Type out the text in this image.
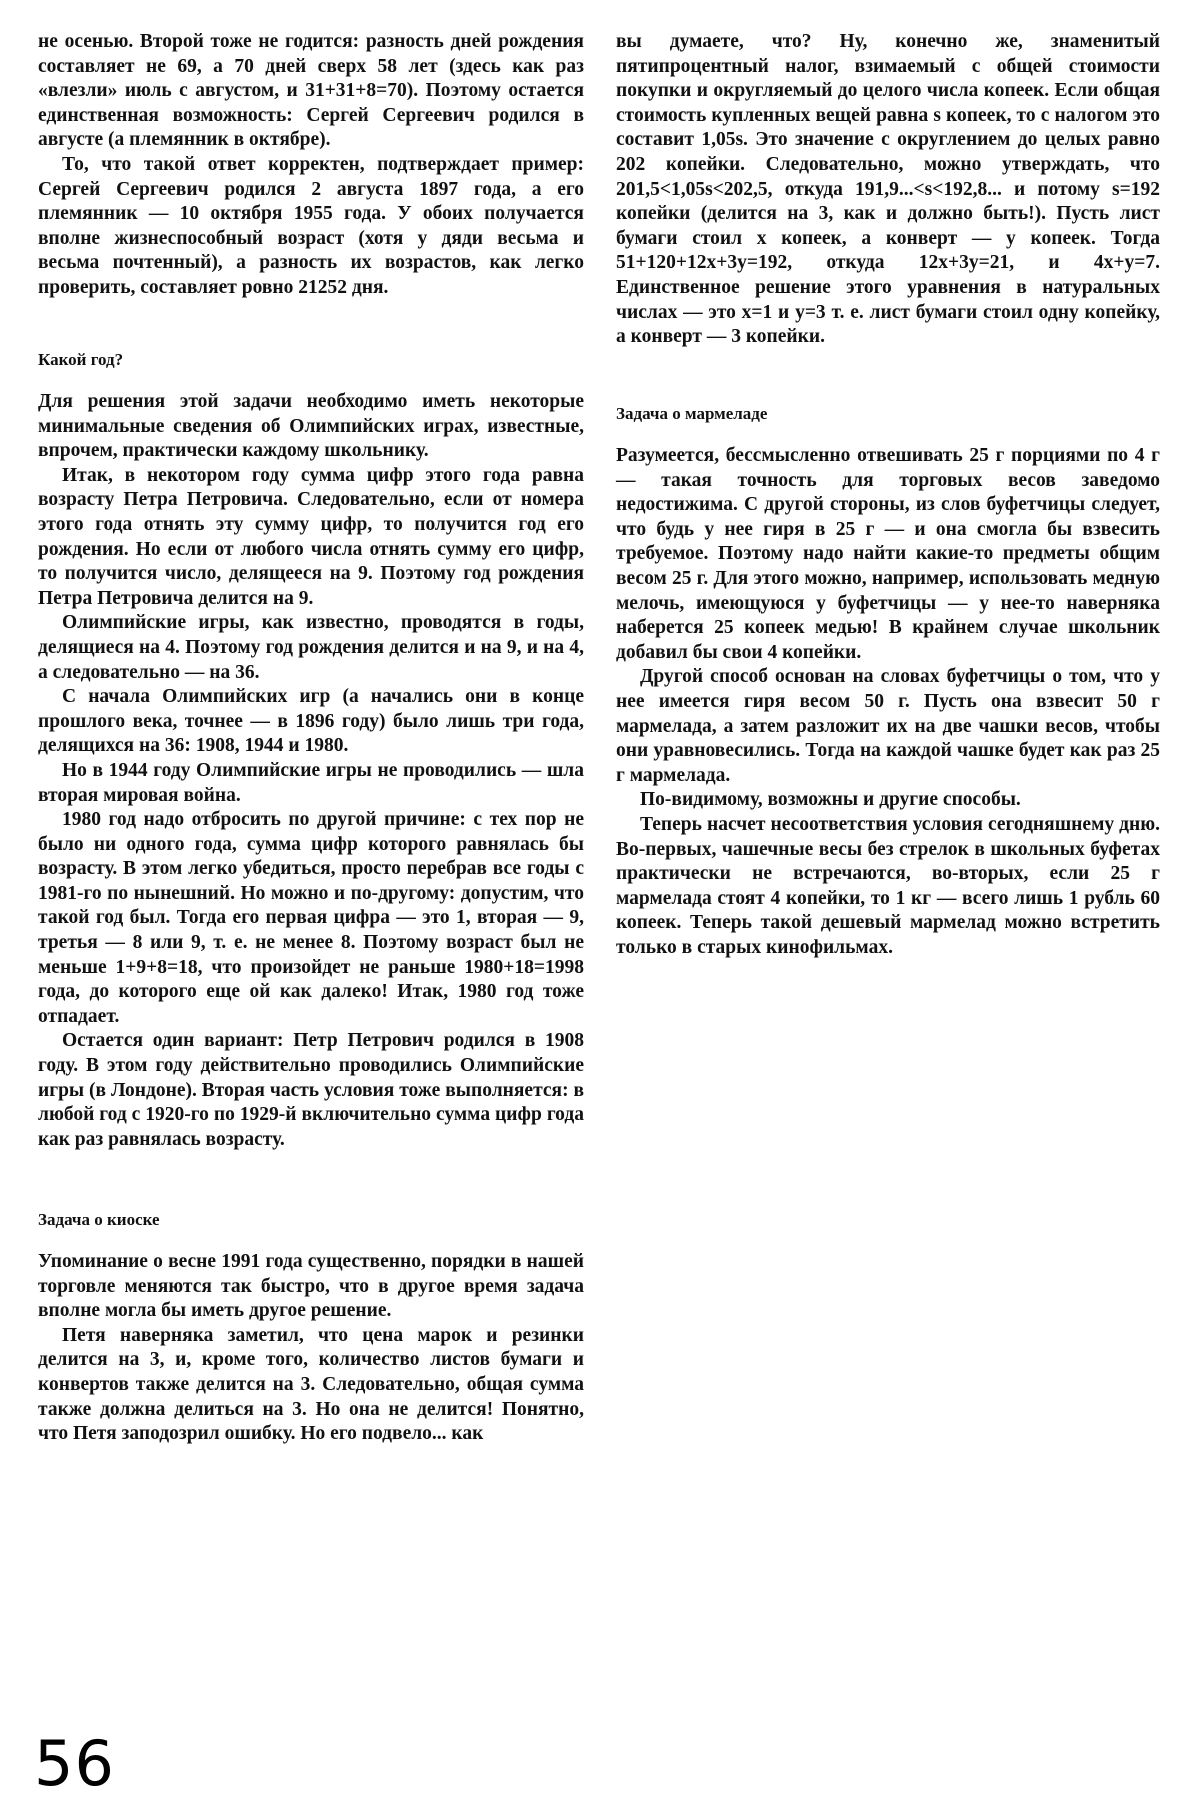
не осенью. Второй тоже не годится: разность дней рождения составляет не 69, а 70 дней сверх 58 лет (здесь как раз «влезли» июль с августом, и 31+31+8=70). Поэтому остается единственная возможность: Сергей Сергеевич родился в августе (а племянник в октябре).

То, что такой ответ корректен, подтверждает пример: Сергей Сергеевич родился 2 августа 1897 года, а его племянник — 10 октября 1955 года. У обоих получается вполне жизнеспособный возраст (хотя у дяди весьма и весьма почтенный), а разность их возрастов, как легко проверить, составляет ровно 21252 дня.

Какой год?

Для решения этой задачи необходимо иметь некоторые минимальные сведения об Олимпийских играх, известные, впрочем, практически каждому школьнику.

Итак, в некотором году сумма цифр этого года равна возрасту Петра Петровича. Следовательно, если от номера этого года отнять эту сумму цифр, то получится год его рождения. Но если от любого числа отнять сумму его цифр, то получится число, делящееся на 9. Поэтому год рождения Петра Петровича делится на 9.

Олимпийские игры, как известно, проводятся в годы, делящиеся на 4. Поэтому год рождения делится и на 9, и на 4, а следовательно — на 36.

С начала Олимпийских игр (а начались они в конце прошлого века, точнее — в 1896 году) было лишь три года, делящихся на 36: 1908, 1944 и 1980.

Но в 1944 году Олимпийские игры не проводились — шла вторая мировая война.

1980 год надо отбросить по другой причине: с тех пор не было ни одного года, сумма цифр которого равнялась бы возрасту. В этом легко убедиться, просто перебрав все годы с 1981-го по нынешний. Но можно и по-другому: допустим, что такой год был. Тогда его первая цифра — это 1, вторая — 9, третья — 8 или 9, т. е. не менее 8. Поэтому возраст был не меньше 1+9+8=18, что произойдет не раньше 1980+18=1998 года, до которого еще ой как далеко! Итак, 1980 год тоже отпадает.

Остается один вариант: Петр Петрович родился в 1908 году. В этом году действительно проводились Олимпийские игры (в Лондоне). Вторая часть условия тоже выполняется: в любой год с 1920-го по 1929-й включительно сумма цифр года как раз равнялась возрасту.

Задача о киоске

Упоминание о весне 1991 года существенно, порядки в нашей торговле меняются так быстро, что в другое время задача вполне могла бы иметь другое решение.

Петя наверняка заметил, что цена марок и резинки делится на 3, и, кроме того, количество листов бумаги и конвертов также делится на 3. Следовательно, общая сумма также должна делиться на 3. Но она не делится! Понятно, что Петя заподозрил ошибку. Но его подвело... как

вы думаете, что? Ну, конечно же, знаменитый пятипроцентный налог, взимаемый с общей стоимости покупки и округляемый до целого числа копеек. Если общая стоимость купленных вещей равна s копеек, то с налогом это составит 1,05s. Это значение с округлением до целых равно 202 копейки. Следовательно, можно утверждать, что 201,5<1,05s<202,5, откуда 191,9...<s<192,8... и потому s=192 копейки (делится на 3, как и должно быть!). Пусть лист бумаги стоил x копеек, а конверт — y копеек. Тогда 51+120+12x+3y=192, откуда 12x+3y=21, и 4x+y=7. Единственное решение этого уравнения в натуральных числах — это x=1 и y=3 т. е. лист бумаги стоил одну копейку, а конверт — 3 копейки.

Задача о мармеладе

Разумеется, бессмысленно отвешивать 25 г порциями по 4 г — такая точность для торговых весов заведомо недостижима. С другой стороны, из слов буфетчицы следует, что будь у нее гиря в 25 г — и она смогла бы взвесить требуемое. Поэтому надо найти какие-то предметы общим весом 25 г. Для этого можно, например, использовать медную мелочь, имеющуюся у буфетчицы — у нее-то наверняка наберется 25 копеек медью! В крайнем случае школьник добавил бы свои 4 копейки.

Другой способ основан на словах буфетчицы о том, что у нее имеется гиря весом 50 г. Пусть она взвесит 50 г мармелада, а затем разложит их на две чашки весов, чтобы они уравновесились. Тогда на каждой чашке будет как раз 25 г мармелада.

По-видимому, возможны и другие способы.

Теперь насчет несоответствия условия сегодняшнему дню. Во-первых, чашечные весы без стрелок в школьных буфетах практически не встречаются, во-вторых, если 25 г мармелада стоят 4 копейки, то 1 кг — всего лишь 1 рубль 60 копеек. Теперь такой дешевый мармелад можно встретить только в старых кинофильмах.

56
